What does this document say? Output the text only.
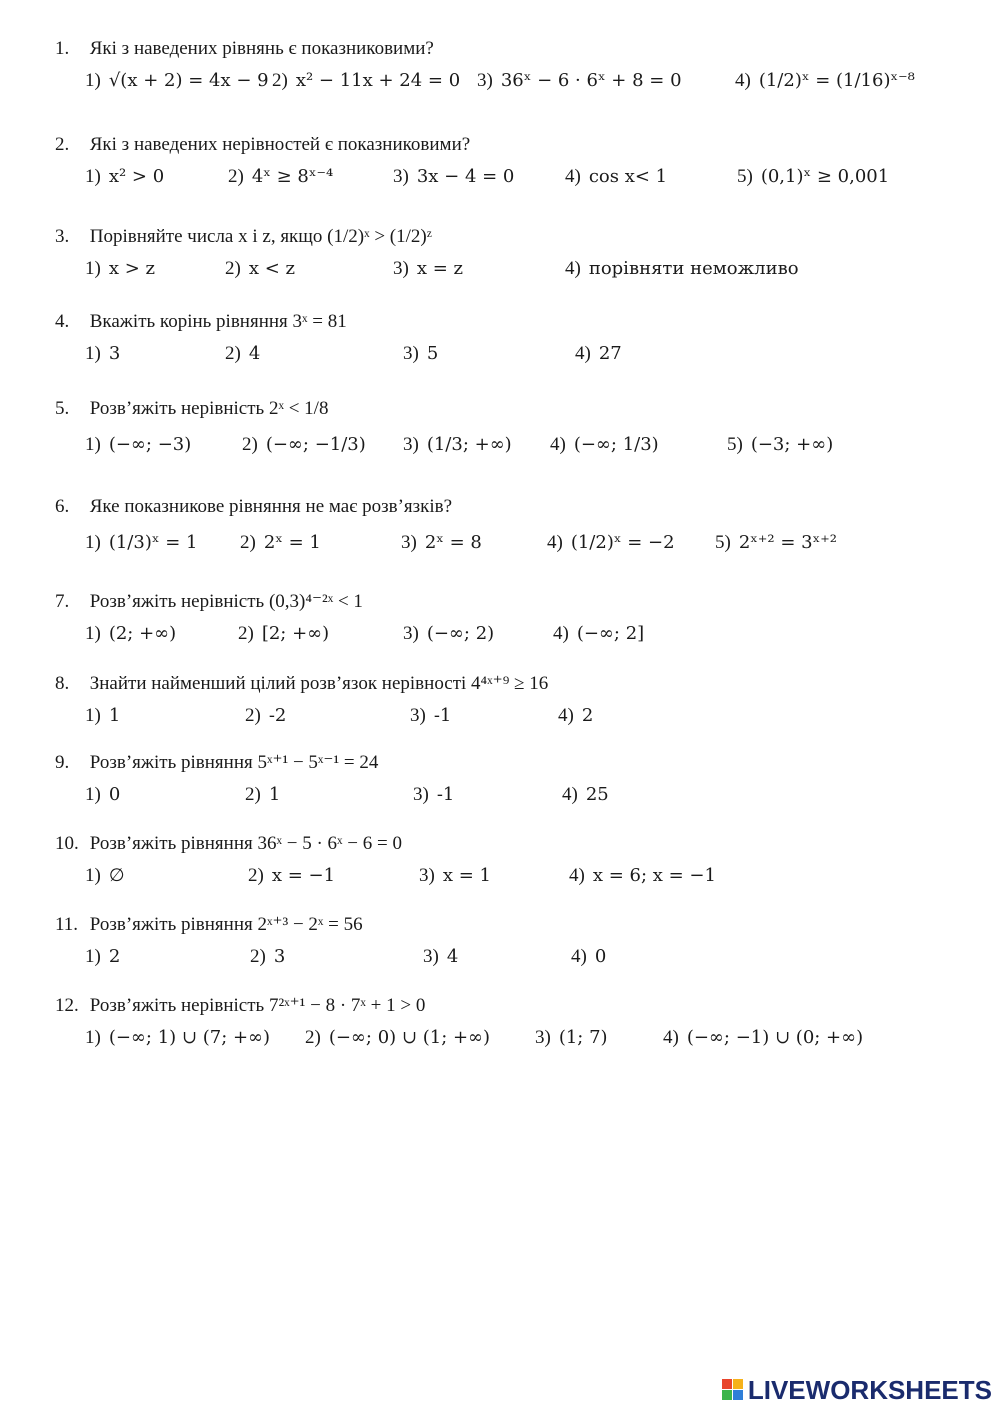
1. Які з наведених рівнянь є показниковими?
1) √(x + 2) = 4x − 9 2) x² − 11x + 24 = 0 3) 36ˣ − 6 · 6ˣ + 8 = 0	4) (1/2)ˣ = (1/16)ˣ⁻⁸
2. Які з наведених нерівностей є показниковими?
1) x² > 0	2) 4ˣ ≥ 8ˣ⁻⁴	3) 3x − 4 = 0	4) cos x< 1	5) (0,1)ˣ ≥ 0,001
3. Порівняйте числа x і z, якщо (1/2)ˣ > (1/2)ᶻ
1) x > z	2) x < z	3) x = z	4) порівняти неможливо
4. Вкажіть корінь рівняння 3ˣ = 81
1) 3	2) 4	3) 5	4) 27
5. Розв’яжіть нерівність 2ˣ < 1/8
1) (−∞; −3)	2) (−∞; −1/3) 3) (1/3; +∞) 4) (−∞; 1/3)	5) (−3; +∞)
6. Яке показникове рівняння не має розв’язків?
1) (1/3)ˣ = 1 2) 2ˣ = 1	3) 2ˣ = 8	4) (1/2)ˣ = −2 5) 2ˣ⁺² = 3ˣ⁺²
7. Розв’яжіть нерівність (0,3)⁴⁻²ˣ < 1
1) (2; +∞)	2) [2; +∞)	3) (−∞; 2)	4) (−∞; 2]
8. Знайти найменший цілий розв’язок нерівності 4⁴ˣ⁺⁹ ≥ 16
1) 1	2) -2	3) -1	4) 2
9. Розв’яжіть рівняння 5ˣ⁺¹ − 5ˣ⁻¹ = 24
1) 0	2) 1	3) -1	4) 25
10. Розв’яжіть рівняння 36ˣ − 5 · 6ˣ − 6 = 0
1) ∅	2) x = −1	3) x = 1	4) x = 6; x = −1
11. Розв’яжіть рівняння 2ˣ⁺³ − 2ˣ = 56
1) 2	2) 3	3) 4	4) 0
12. Розв’яжіть нерівність 7²ˣ⁺¹ − 8 · 7ˣ + 1 > 0
1) (−∞; 1) ∪ (7; +∞) 2) (−∞; 0) ∪ (1; +∞) 3) (1; 7)	4) (−∞; −1) ∪ (0; +∞)
LIVEWORKSHEETS
